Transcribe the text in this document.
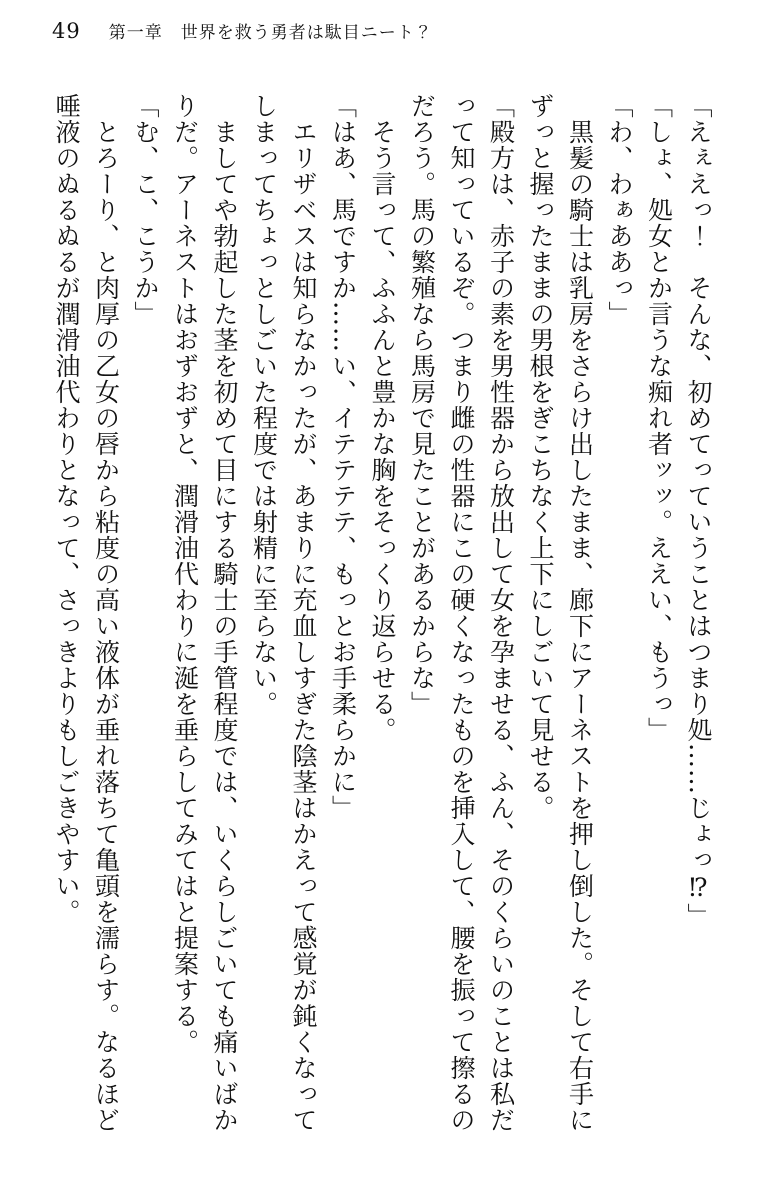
49 第一章　世界を救う勇者は駄目ニート？

「えぇえっ！　そんな、初めてっていうことはつまり処……じょっ⁉」

「しょ、処女とか言うな痴れ者ッッ。ええい、もうっ」

「わ、わぁああっ」

　黒髪の騎士は乳房をさらけ出したまま、廊下にアーネストを押し倒した。そして右手に

ずっと握ったままの男根をぎこちなく上下にしごいて見せる。

「殿方は、赤子の素を男性器から放出して女を孕ませる、ふん、そのくらいのことは私だ

って知っているぞ。つまり雌の性器にこの硬くなったものを挿入して、腰を振って擦るの

だろう。馬の繁殖なら馬房で見たことがあるからな」

　そう言って、ふふんと豊かな胸をそっくり返らせる。

「はあ、馬ですか……い、イテテテテ、もっとお手柔らかに」

　エリザベスは知らなかったが、あまりに充血しすぎた陰茎はかえって感覚が鈍くなって

しまってちょっとしごいた程度では射精に至らない。

　ましてや勃起した茎を初めて目にする騎士の手管程度では、いくらしごいても痛いばか

りだ。アーネストはおずおずと、潤滑油代わりに涎を垂らしてみてはと提案する。

「む、こ、こうか」

　とろーり、と肉厚の乙女の唇から粘度の高い液体が垂れ落ちて亀頭を濡らす。なるほど

唾液のぬるぬるが潤滑油代わりとなって、さっきよりもしごきやすい。
